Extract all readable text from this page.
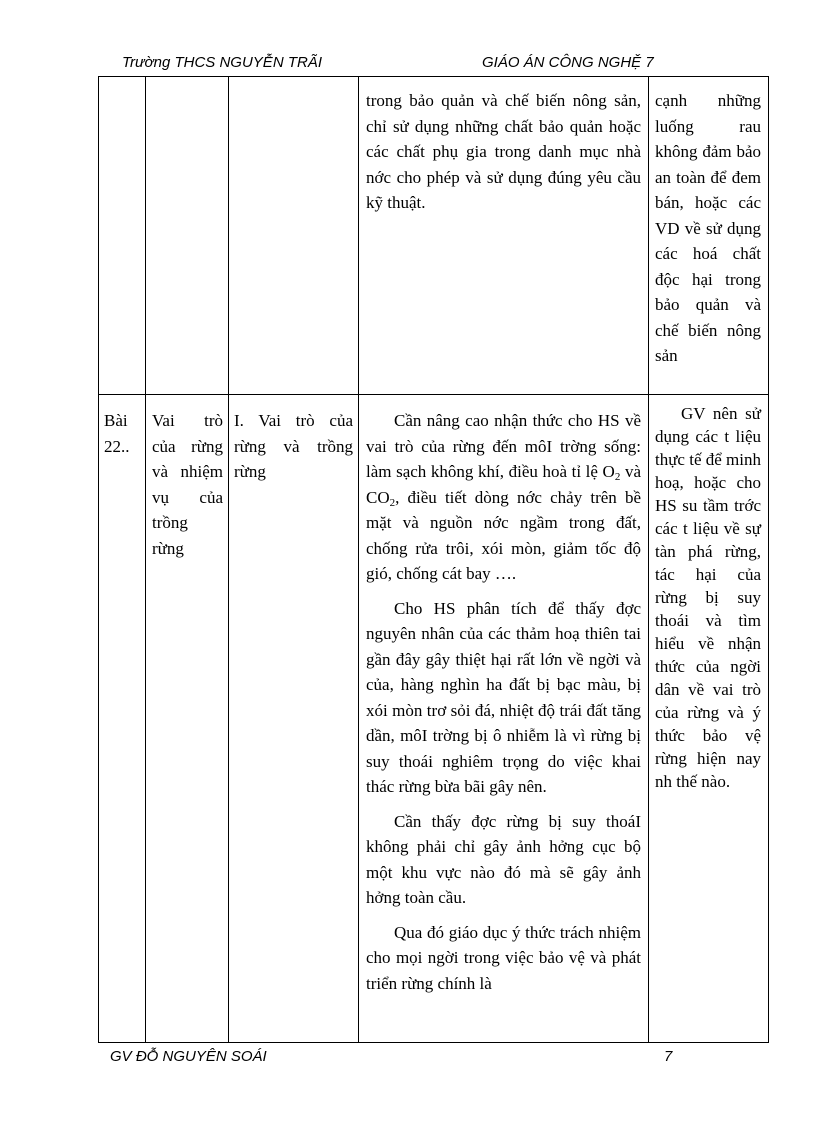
Trường THCS NGUYỄN TRÃI	GIÁO ÁN CÔNG NGHỆ 7

trong bảo quản và chế biến nông sản, chỉ sử dụng những chất bảo quản hoặc các chất phụ gia trong danh mục nhà nớc cho phép và sử dụng đúng yêu cầu kỹ thuật.

cạnh những luống rau không đảm bảo an toàn để đem bán, hoặc các VD về sử dụng các hoá chất độc hại trong bảo quản và chế biến nông sản

Bài 22..

Vai trò của rừng và nhiệm vụ của trồng rừng

I. Vai trò của rừng và trồng rừng

Cần nâng cao nhận thức cho HS về vai trò của rừng đến môI trờng sống: làm sạch không khí, điều hoà tỉ lệ $O_2$ và $CO_2$, điều tiết dòng nớc chảy trên bề mặt và nguồn nớc ngầm trong đất, chống rửa trôi, xói mòn, giảm tốc độ gió, chống cát bay ….

Cho HS phân tích để thấy đợc nguyên nhân của các thảm hoạ thiên tai gần đây gây thiệt hại rất lớn về ngời và của, hàng nghìn ha đất bị bạc màu, bị xói mòn trơ sỏi đá, nhiệt độ trái đất tăng dần, môI trờng bị ô nhiễm là vì rừng bị suy thoái nghiêm trọng do việc khai thác rừng bừa bãi gây nên.

Cần thấy đợc rừng bị suy thoáI không phải chỉ gây ảnh hởng cục bộ một khu vực nào đó mà sẽ gây ảnh hởng toàn cầu.

Qua đó giáo dục ý thức trách nhiệm cho mọi ngời trong việc bảo vệ và phát triển rừng chính là

GV nên sử dụng các t liệu thực tế để minh hoạ, hoặc cho HS su tầm trớc các t liệu về sự tàn phá rừng, tác hại của rừng bị suy thoái và tìm hiểu về nhận thức của ngời dân về vai trò của rừng và ý thức bảo vệ rừng hiện nay nh thế nào.

GV ĐỖ NGUYÊN SOÁI	7
